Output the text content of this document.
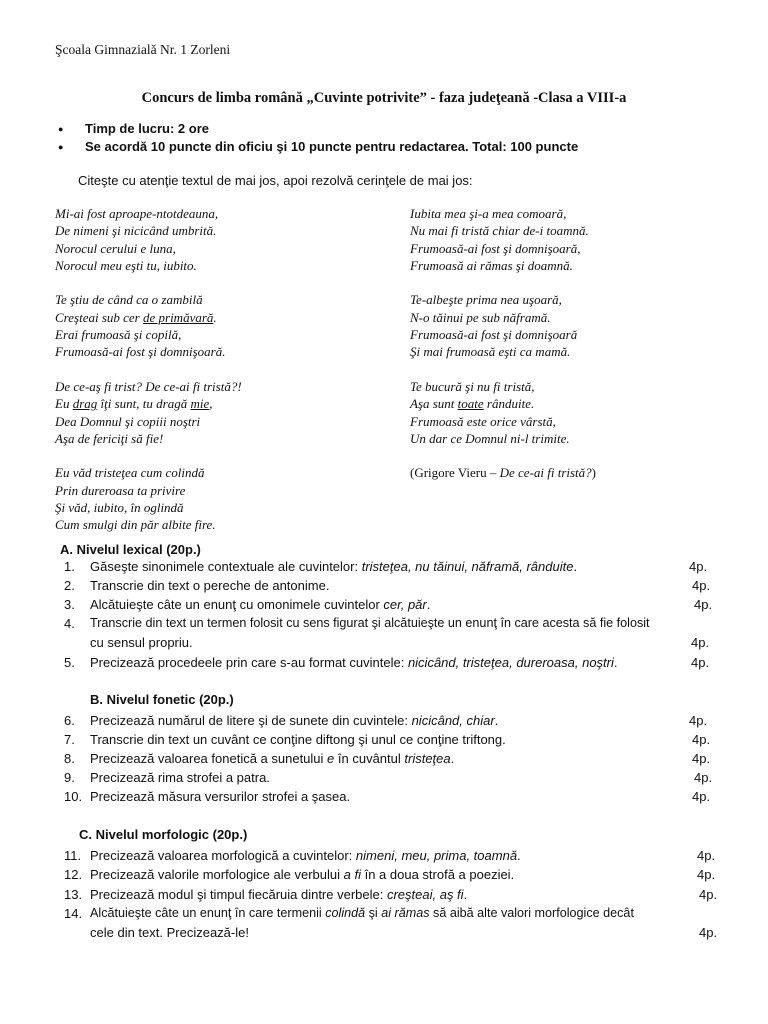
Şcoala Gimnazială Nr. 1 Zorleni
Concurs de limba română „Cuvinte potrivite” - faza judeţeană -Clasa a VIII-a
● Timp de lucru: 2 ore
● Se acordă 10 puncte din oficiu şi 10 puncte pentru redactarea. Total: 100 puncte
Citeşte cu atenţie textul de mai jos, apoi rezolvă cerinţele de mai jos:
Mi-ai fost aproape-ntotdeauna,
De nimeni şi nicicând umbrită.
Norocul cerului e luna,
Norocul meu eşti tu, iubito.
Te ştiu de când ca o zambilă
Creşteai sub cer de primăvară.
Erai frumoasă şi copilă,
Frumoasă-ai fost şi domnişoară.
De ce-aş fi trist? De ce-ai fi tristă?!
Eu drag îţi sunt, tu dragă mie,
Dea Domnul şi copiii noştri
Aşa de fericiţi să fie!
Eu văd tristeţea cum colindă
Prin dureroasa ta privire
Şi văd, iubito, în oglindă
Cum smulgi din păr albite fire.
Iubita mea şi-a mea comoară,
Nu mai fi tristă chiar de-i toamnă.
Frumoasă-ai fost şi domnişoară,
Frumoasă ai rămas şi doamnă.
Te-albeşte prima nea uşoară,
N-o tăinui pe sub năframă.
Frumoasă-ai fost şi domnişoară
Şi mai frumoasă eşti ca mamă.
Te bucură şi nu fi tristă,
Aşa sunt toate rânduite.
Frumoasă este orice vârstă,
Un dar ce Domnul ni-l trimite.
(Grigore Vieru – De ce-ai fi tristă?)
A. Nivelul lexical (20p.)
1. Găseşte sinonimele contextuale ale cuvintelor: tristeţea, nu tăinui, năframă, rânduite.	4p.
2. Transcrie din text o pereche de antonime.	4p.
3. Alcătuieşte câte un enunţ cu omonimele cuvintelor cer, păr.	4p.
4. Transcrie din text un termen folosit cu sens figurat şi alcătuieşte un enunţ în care acesta să fie folosit
cu sensul propriu.	4p.
5. Precizează procedeele prin care s-au format cuvintele: nicicând, tristeţea, dureroasa, noştri.	4p.
B. Nivelul fonetic (20p.)
6. Precizează numărul de litere şi de sunete din cuvintele: nicicând, chiar.	4p.
7. Transcrie din text un cuvânt ce conţine diftong şi unul ce conţine triftong.	4p.
8. Precizează valoarea fonetică a sunetului e în cuvântul tristeţea.	4p.
9. Precizează rima strofei a patra.	4p.
10. Precizează măsura versurilor strofei a şasea.	4p.
C. Nivelul morfologic (20p.)
11. Precizează valoarea morfologică a cuvintelor: nimeni, meu, prima, toamnă.	4p.
12. Precizează valorile morfologice ale verbului a fi în a doua strofă a poeziei.	4p.
13. Precizează modul şi timpul fiecăruia dintre verbele: creşteai, aş fi.	4p.
14. Alcătuieşte câte un enunţ în care termenii colindă şi ai rămas să aibă alte valori morfologice decât
cele din text. Precizează-le!	4p.
